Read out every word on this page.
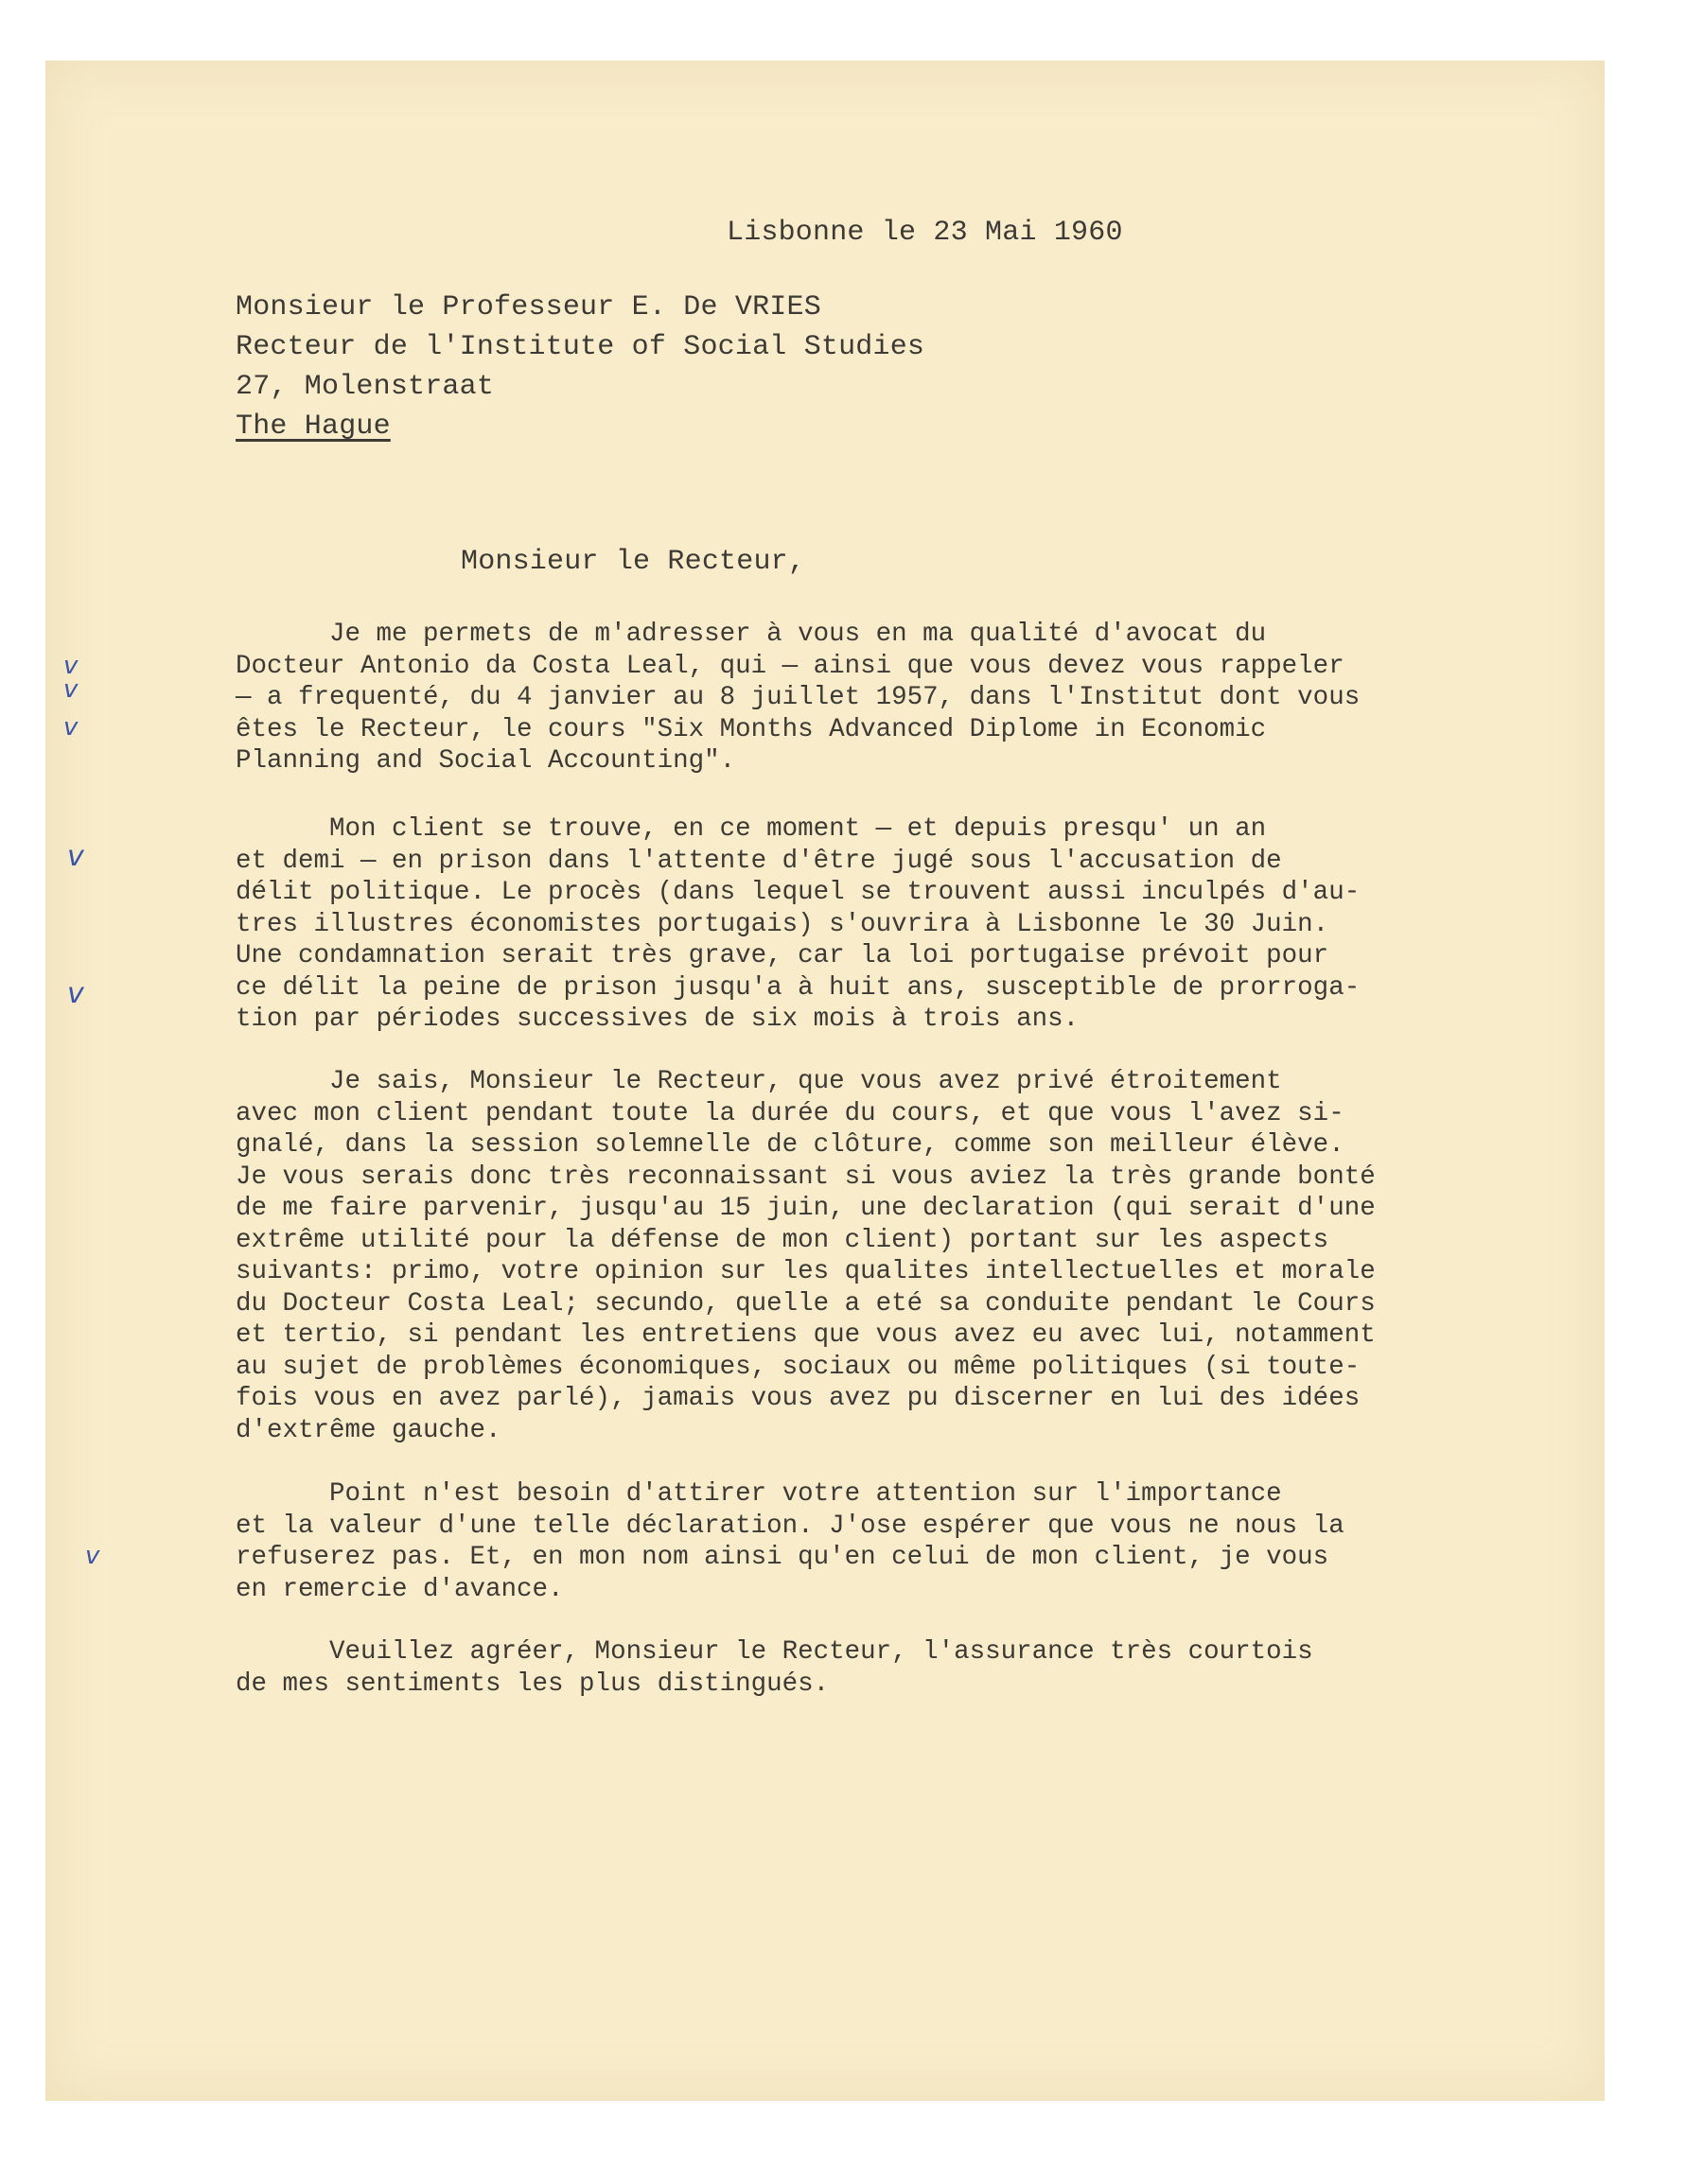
Lisbonne le 23 Mai 1960
Monsieur le Professeur E. De VRIES
Recteur de l'Institute of Social Studies
27, Molenstraat
The Hague
Monsieur le Recteur,

Je me permets de m'adresser à vous en ma qualité d'avocat du
Docteur Antonio da Costa Leal, qui — ainsi que vous devez vous rappeler
— a frequenté, du 4 janvier au 8 juillet 1957, dans l'Institut dont vous
êtes le Recteur, le cours "Six Months Advanced Diplome in Economic
Planning and Social Accounting".

Mon client se trouve, en ce moment — et depuis presqu' un an
et demi — en prison dans l'attente d'être jugé sous l'accusation de
délit politique. Le procès (dans lequel se trouvent aussi inculpés d'au-
tres illustres économistes portugais) s'ouvrira à Lisbonne le 30 Juin.
Une condamnation serait très grave, car la loi portugaise prévoit pour
ce délit la peine de prison jusqu'a à huit ans, susceptible de prorroga-
tion par périodes successives de six mois à trois ans.

Je sais, Monsieur le Recteur, que vous avez privé étroitement
avec mon client pendant toute la durée du cours, et que vous l'avez si-
gnalé, dans la session solemnelle de clôture, comme son meilleur élève.
Je vous serais donc très reconnaissant si vous aviez la très grande bonté
de me faire parvenir, jusqu'au 15 juin, une declaration (qui serait d'une
extrême utilité pour la défense de mon client) portant sur les aspects
suivants: primo, votre opinion sur les qualites intellectuelles et morale
du Docteur Costa Leal; secundo, quelle a eté sa conduite pendant le Cours
et tertio, si pendant les entretiens que vous avez eu avec lui, notamment
au sujet de problèmes économiques, sociaux ou même politiques (si toute-
fois vous en avez parlé), jamais vous avez pu discerner en lui des idées
d'extrême gauche.

Point n'est besoin d'attirer votre attention sur l'importance
et la valeur d'une telle déclaration. J'ose espérer que vous ne nous la
refuserez pas. Et, en mon nom ainsi qu'en celui de mon client, je vous
en remercie d'avance.

Veuillez agréer, Monsieur le Recteur, l'assurance très courtois
de mes sentiments les plus distingués.

v
v
v
v
v
v
